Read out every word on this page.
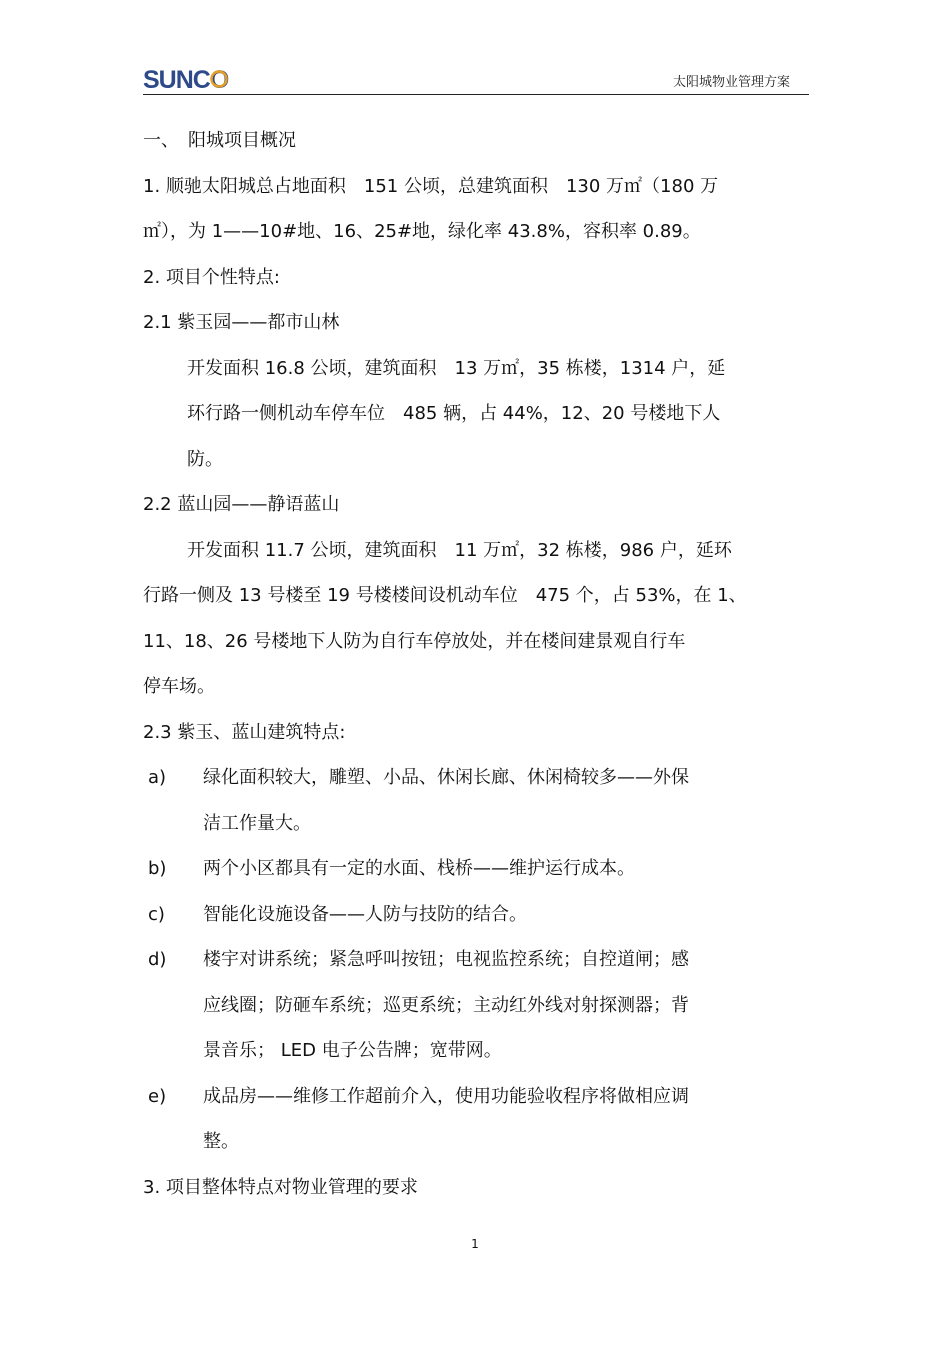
SUNCO	太阳城物业管理方案
一、　阳城项目概况
1. 顺驰太阳城总占地面积　151 公顷，总建筑面积　130 万㎡（180 万
㎡），为 1——10#地、16、25#地，绿化率 43.8%，容积率 0.89。
2. 项目个性特点:
2.1 紫玉园——都市山林
开发面积 16.8 公顷，建筑面积　13 万㎡，35 栋楼，1314 户，延
环行路一侧机动车停车位　485 辆，占 44%，12、20 号楼地下人
防。
2.2 蓝山园——静语蓝山
开发面积 11.7 公顷，建筑面积　11 万㎡，32 栋楼，986 户，延环
行路一侧及 13 号楼至 19 号楼楼间设机动车位　475 个，占 53%，在 1、
11、18、26 号楼地下人防为自行车停放处，并在楼间建景观自行车
停车场。
2.3 紫玉、蓝山建筑特点:
a) 绿化面积较大，雕塑、小品、休闲长廊、休闲椅较多——外保
洁工作量大。
b) 两个小区都具有一定的水面、栈桥——维护运行成本。
c) 智能化设施设备——人防与技防的结合。
d) 楼宇对讲系统；紧急呼叫按钮；电视监控系统；自控道闸；感
应线圈；防砸车系统；巡更系统；主动红外线对射探测器；背
景音乐； LED 电子公告牌；宽带网。
e) 成品房——维修工作超前介入，使用功能验收程序将做相应调
整。
3. 项目整体特点对物业管理的要求
1
